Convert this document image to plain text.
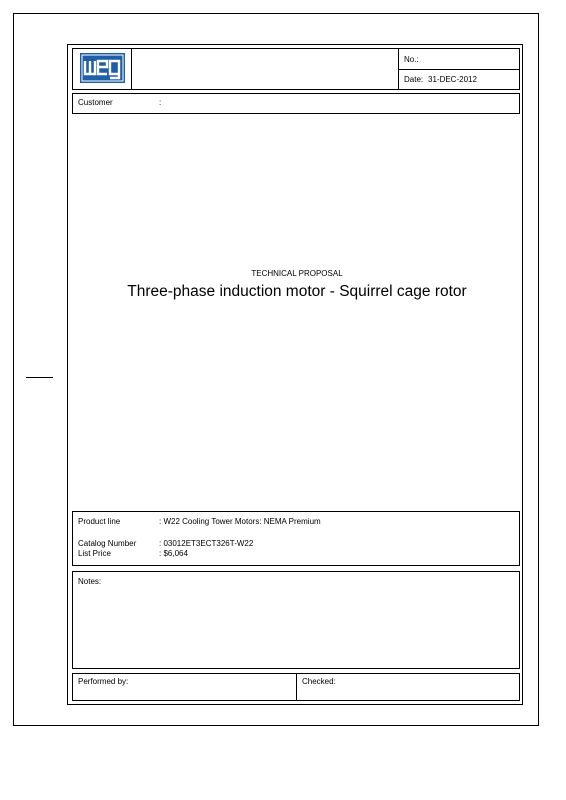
No.:
Date: 31-DEC-2012
Customer	:
TECHNICAL PROPOSAL
Three-phase induction motor - Squirrel cage rotor
Product line	: W22 Cooling Tower Motors: NEMA Premium
Catalog Number	: 03012ET3ECT326T-W22
List Price	: $6,064
Notes:
Performed by:	Checked:
